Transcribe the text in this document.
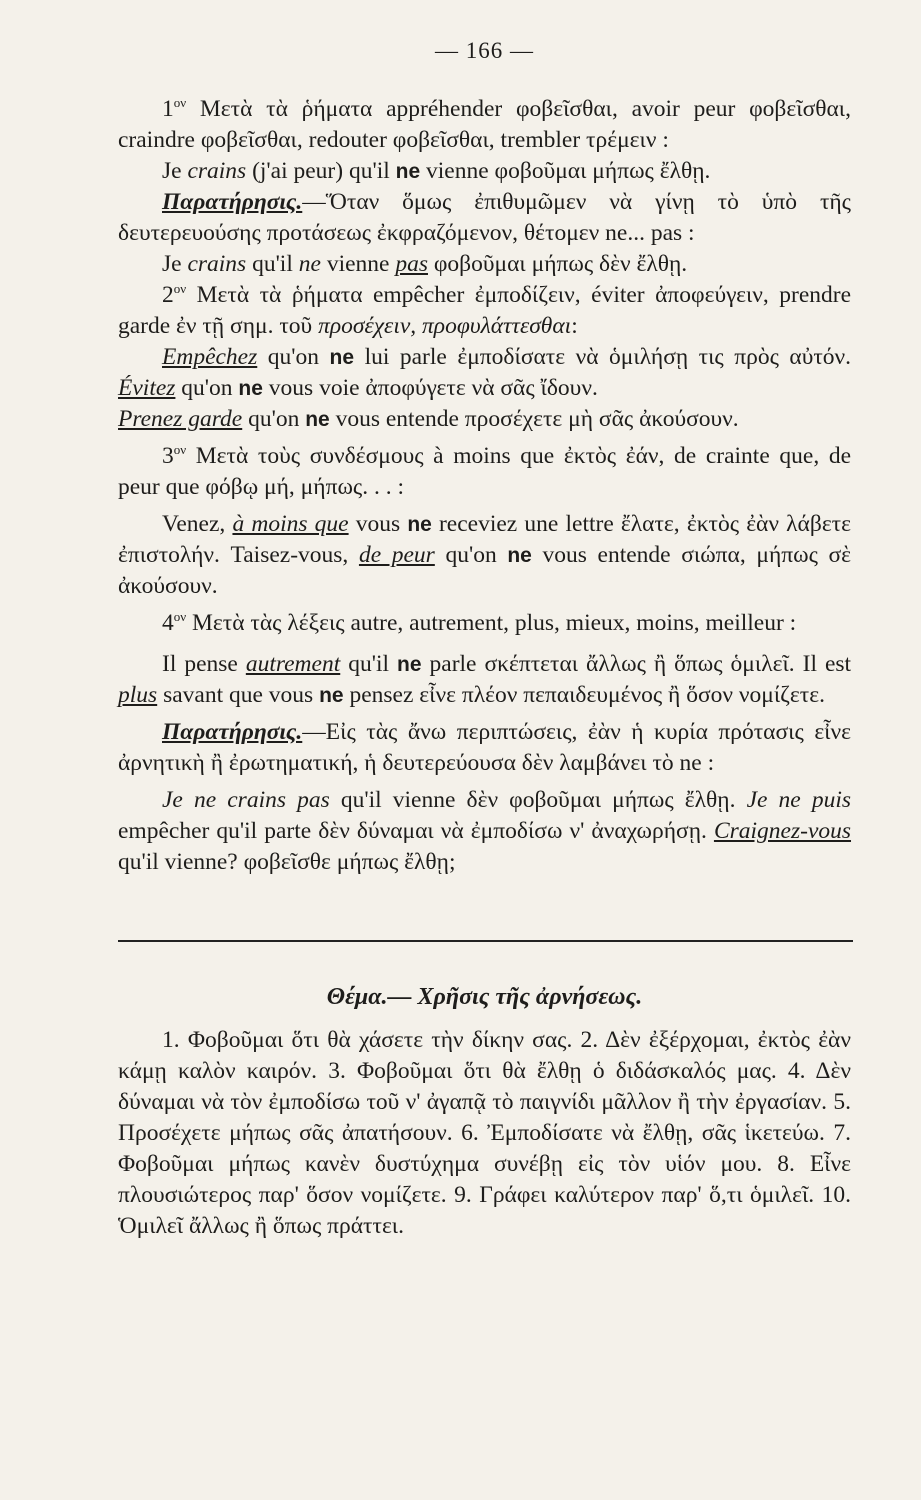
— 166 —

$1^{o\nu}$ Μετὰ τὰ ῥήματα appréhender φοβεῖσθαι, avoir peur φοβεῖσθαι, craindre φοβεῖσθαι, redouter φοβεῖσθαι, trembler τρέμειν :

Je crains (j'ai peur) qu'il ne vienne φοβοῦμαι μήπως ἔλθῃ.

Παρατήρησις.—Ὅταν ὅμως ἐπιθυμῶμεν νὰ γίνῃ τὸ ὑπὸ τῆς δευτερευούσης προτάσεως ἐκφραζόμενον, θέτομεν ne... pas :

Je crains qu'il ne vienne pas φοβοῦμαι μήπως δὲν ἔλθῃ.

$2^{o\nu}$ Μετὰ τὰ ῥήματα empêcher ἐμποδίζειν, éviter ἀποφεύγειν, prendre garde ἐν τῇ σημ. τοῦ προσέχειν, προφυλάττεσθαι:

Empêchez qu'on ne lui parle ἐμποδίσατε νὰ ὁμιλήσῃ τις πρὸς αὐτόν. Évitez qu'on ne vous voie ἀποφύγετε νὰ σᾶς ἴδουν.
Prenez garde qu'on ne vous entende προσέχετε μὴ σᾶς ἀκούσουν.

$3^{o\nu}$ Μετὰ τοὺς συνδέσμους à moins que ἐκτὸς ἐάν, de crainte que, de peur que φόβῳ μή, μήπως. . . :

Venez, à moins que vous ne receviez une lettre ἔλατε, ἐκτὸς ἐὰν λάβετε ἐπιστολήν. Taisez-vous, de peur qu'on ne vous entende σιώπα, μήπως σὲ ἀκούσουν.

$4^{o\nu}$ Μετὰ τὰς λέξεις autre, autrement, plus, mieux, moins, meilleur :

Il pense autrement qu'il ne parle σκέπτεται ἄλλως ἢ ὅπως ὁμιλεῖ. Il est plus savant que vous ne pensez εἶνε πλέον πεπαιδευμένος ἢ ὅσον νομίζετε.

Παρατήρησις.—Εἰς τὰς ἄνω περιπτώσεις, ἐὰν ἡ κυρία πρότασις εἶνε ἀρνητικὴ ἢ ἐρωτηματική, ἡ δευτερεύουσα δὲν λαμβάνει τὸ ne :

Je ne crains pas qu'il vienne δὲν φοβοῦμαι μήπως ἔλθῃ. Je ne puis empêcher qu'il parte δὲν δύναμαι νὰ ἐμποδίσω ν' ἀναχωρήσῃ. Craignez-vous qu'il vienne? φοβεῖσθε μήπως ἔλθῃ;

Θέμα.— Χρῆσις τῆς ἀρνήσεως.

1. Φοβοῦμαι ὅτι θὰ χάσετε τὴν δίκην σας. 2. Δὲν ἐξέρχομαι, ἐκτὸς ἐὰν κάμῃ καλὸν καιρόν. 3. Φοβοῦμαι ὅτι θὰ ἔλθῃ ὁ διδάσκαλός μας. 4. Δὲν δύναμαι νὰ τὸν ἐμποδίσω τοῦ ν' ἀγαπᾷ τὸ παιγνίδι μᾶλλον ἢ τὴν ἐργασίαν. 5. Προσέχετε μήπως σᾶς ἀπατήσουν. 6. Ἐμποδίσατε νὰ ἔλθῃ, σᾶς ἱκετεύω. 7. Φοβοῦμαι μήπως κανὲν δυστύχημα συνέβῃ εἰς τὸν υἱόν μου. 8. Εἶνε πλουσιώτερος παρ' ὅσον νομίζετε. 9. Γράφει καλύτερον παρ' ὅ,τι ὁμιλεῖ. 10. Ὁμιλεῖ ἄλλως ἢ ὅπως πράττει.
